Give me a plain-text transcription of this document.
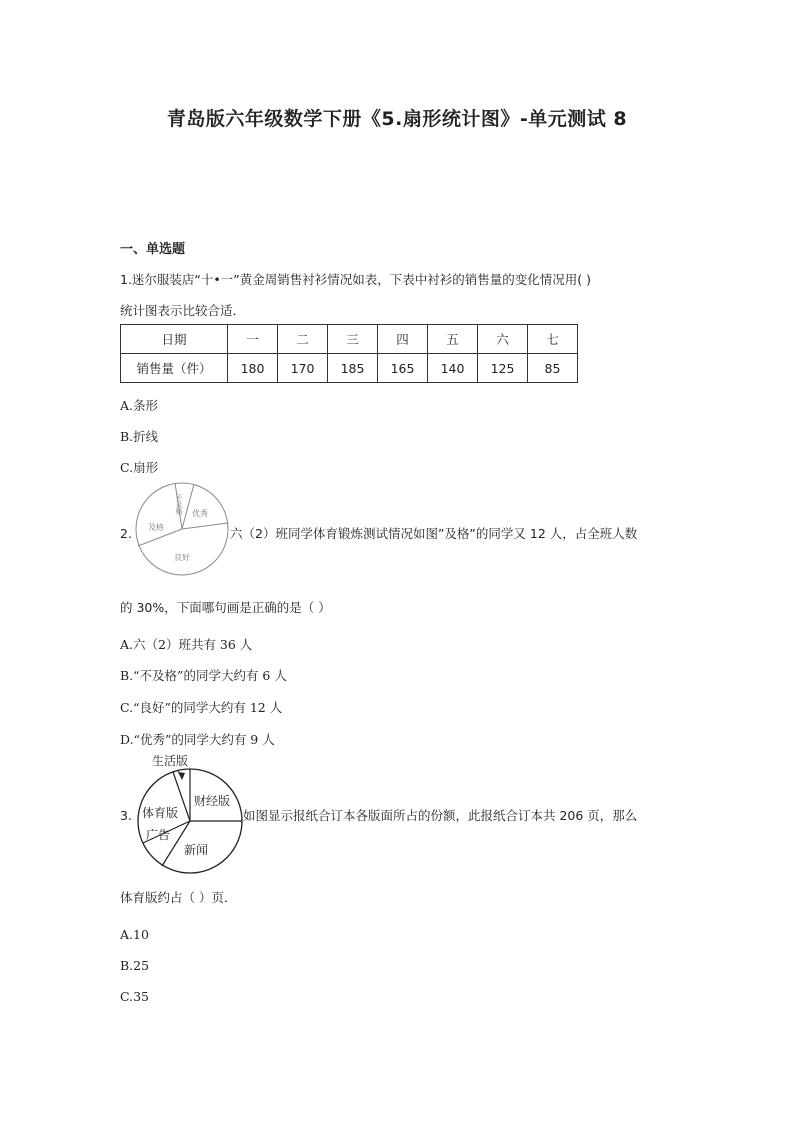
青岛版六年级数学下册《5.扇形统计图》-单元测试 8
一、单选题
1.迷尔服装店“十•一”黄金周销售衬衫情况如表，下表中衬衫的销售量的变化情况用( )
统计图表示比较合适．
日期	一	二	三	四	五	六	七
销售量（件）	180	170	185	165	140	125	85
A.条形
B.折线
C.扇形
2.
不及格 优秀
及格
良好
六（2）班同学体育锻炼测试情况如图”及格”的同学又 12 人，占全班人数
的 30%，下面哪句画是正确的是（ ）
A.六（2）班共有 36 人
B.“不及格”的同学大约有 6 人
C.“良好”的同学大约有 12 人
D.“优秀”的同学大约有 9 人
3.
生活版
财经版
体育版
广告
新闻
如图显示报纸合订本各版面所占的份额，此报纸合订本共 206 页，那么
体育版约占（ ）页．
A.10
B.25
C.35
